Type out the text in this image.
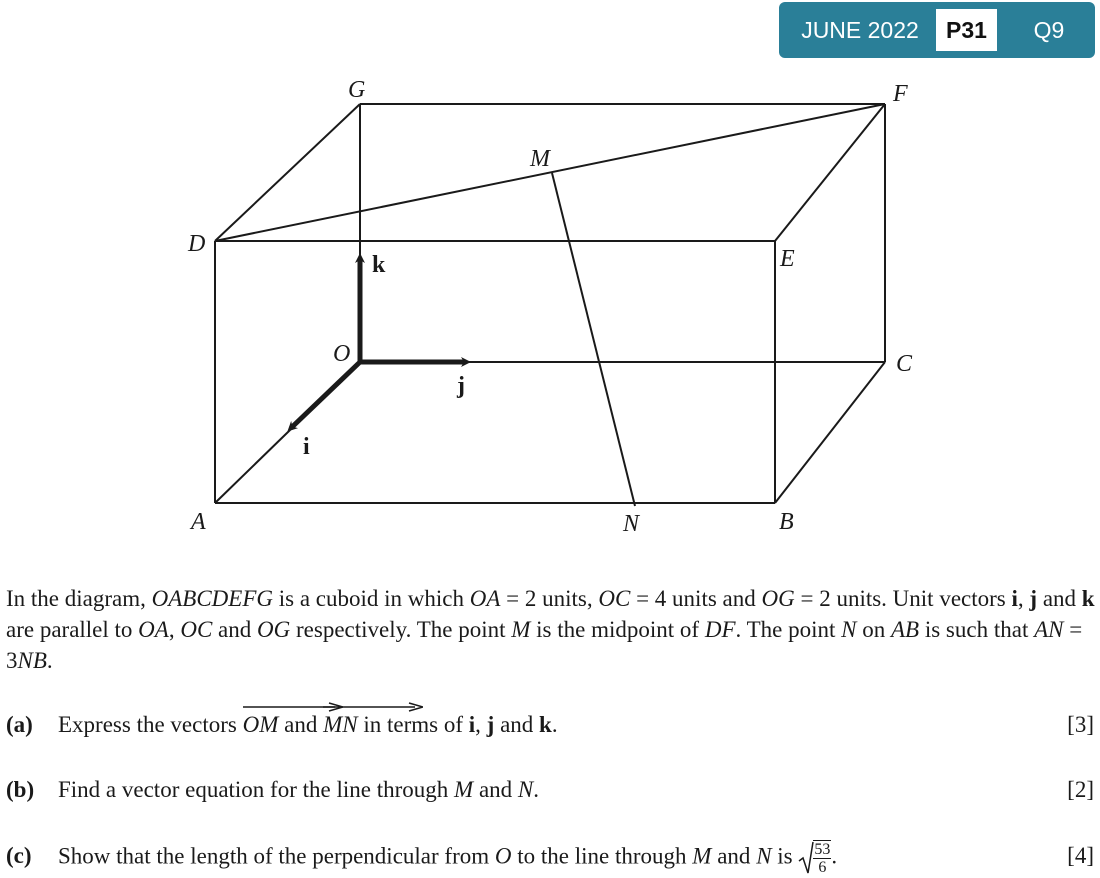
JUNE 2022	P31	Q9
G	F
M
D
E
O	C
A	N	B
k
j
i
In the diagram, OABCDEFG is a cuboid in which OA = 2 units, OC = 4 units and OG = 2 units. Unit vectors i, j and k are parallel to OA, OC and OG respectively. The point M is the midpoint of DF. The point N on AB is such that AN = 3NB.
(a) Express the vectors
OM and
MN in terms of i, j and k.	[3]
(b) Find a vector equation for the line through M and N.	[2]
(c) Show that the length of the perpendicular from O to the line through M and N is $\frac{53}{6}$ .	[4]
